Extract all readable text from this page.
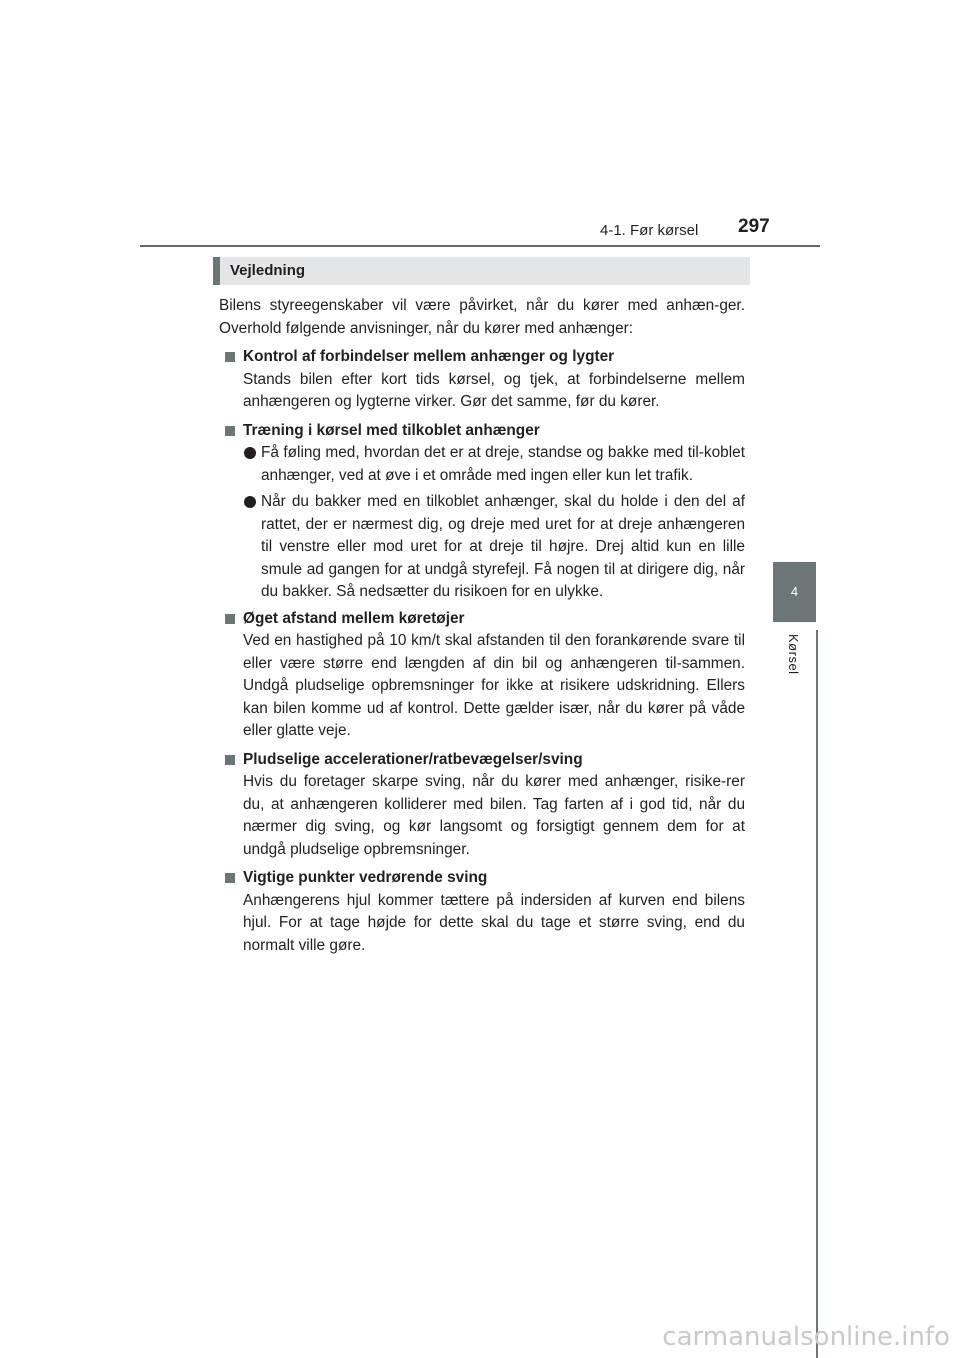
4-1. Før kørsel 297
4
Kørsel
Vejledning

Bilens styreegenskaber vil være påvirket, når du kører med anhæn-ger. Overhold følgende anvisninger, når du kører med anhænger:

Kontrol af forbindelser mellem anhænger og lygter

Stands bilen efter kort tids kørsel, og tjek, at forbindelserne mellem anhængeren og lygterne virker. Gør det samme, før du kører.

Træning i kørsel med tilkoblet anhænger

Få føling med, hvordan det er at dreje, standse og bakke med til-koblet anhænger, ved at øve i et område med ingen eller kun let trafik.

Når du bakker med en tilkoblet anhænger, skal du holde i den del af rattet, der er nærmest dig, og dreje med uret for at dreje anhængeren til venstre eller mod uret for at dreje til højre. Drej altid kun en lille smule ad gangen for at undgå styrefejl. Få nogen til at dirigere dig, når du bakker. Så nedsætter du risikoen for en ulykke.

Øget afstand mellem køretøjer

Ved en hastighed på 10 km/t skal afstanden til den forankørende svare til eller være større end længden af din bil og anhængeren til-sammen. Undgå pludselige opbremsninger for ikke at risikere udskridning. Ellers kan bilen komme ud af kontrol. Dette gælder især, når du kører på våde eller glatte veje.

Pludselige accelerationer/ratbevægelser/sving

Hvis du foretager skarpe sving, når du kører med anhænger, risike-rer du, at anhængeren kolliderer med bilen. Tag farten af i god tid, når du nærmer dig sving, og kør langsomt og forsigtigt gennem dem for at undgå pludselige opbremsninger.

Vigtige punkter vedrørende sving

Anhængerens hjul kommer tættere på indersiden af kurven end bilens hjul. For at tage højde for dette skal du tage et større sving, end du normalt ville gøre.

carmanualsonline.info
